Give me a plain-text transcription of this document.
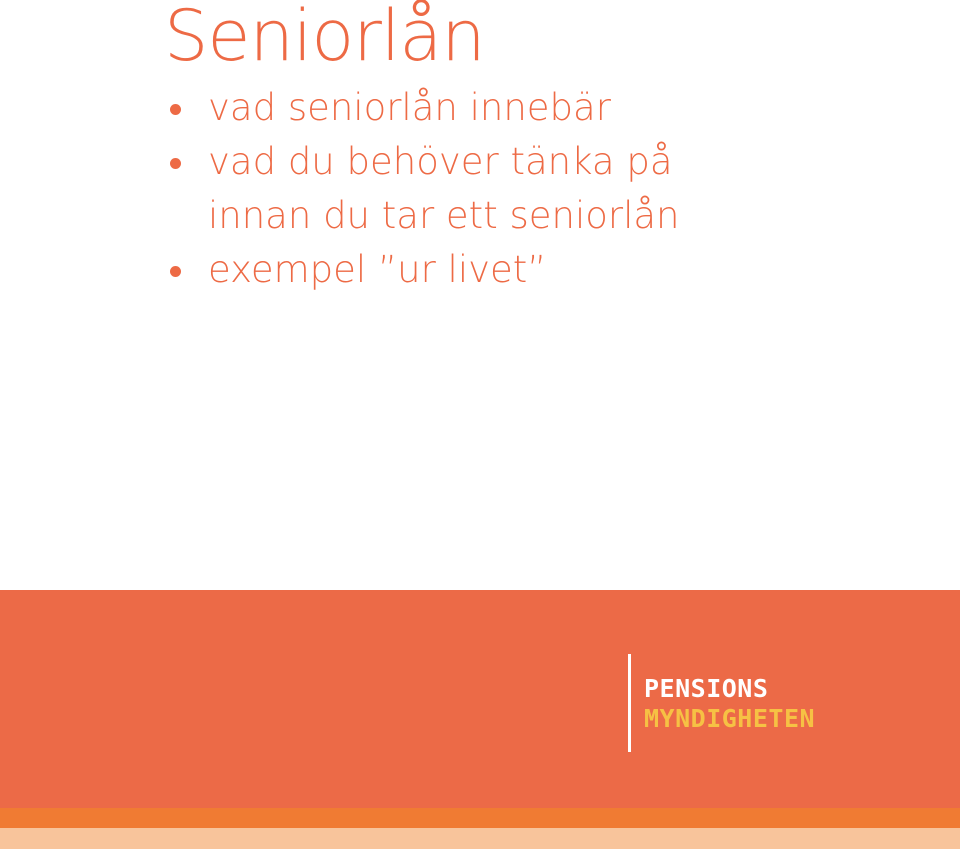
Seniorlån
vad seniorlån innebär
vad du behöver tänka på
innan du tar ett seniorlån
exempel ”ur livet”
PENSIONS
MYNDIGHETEN
